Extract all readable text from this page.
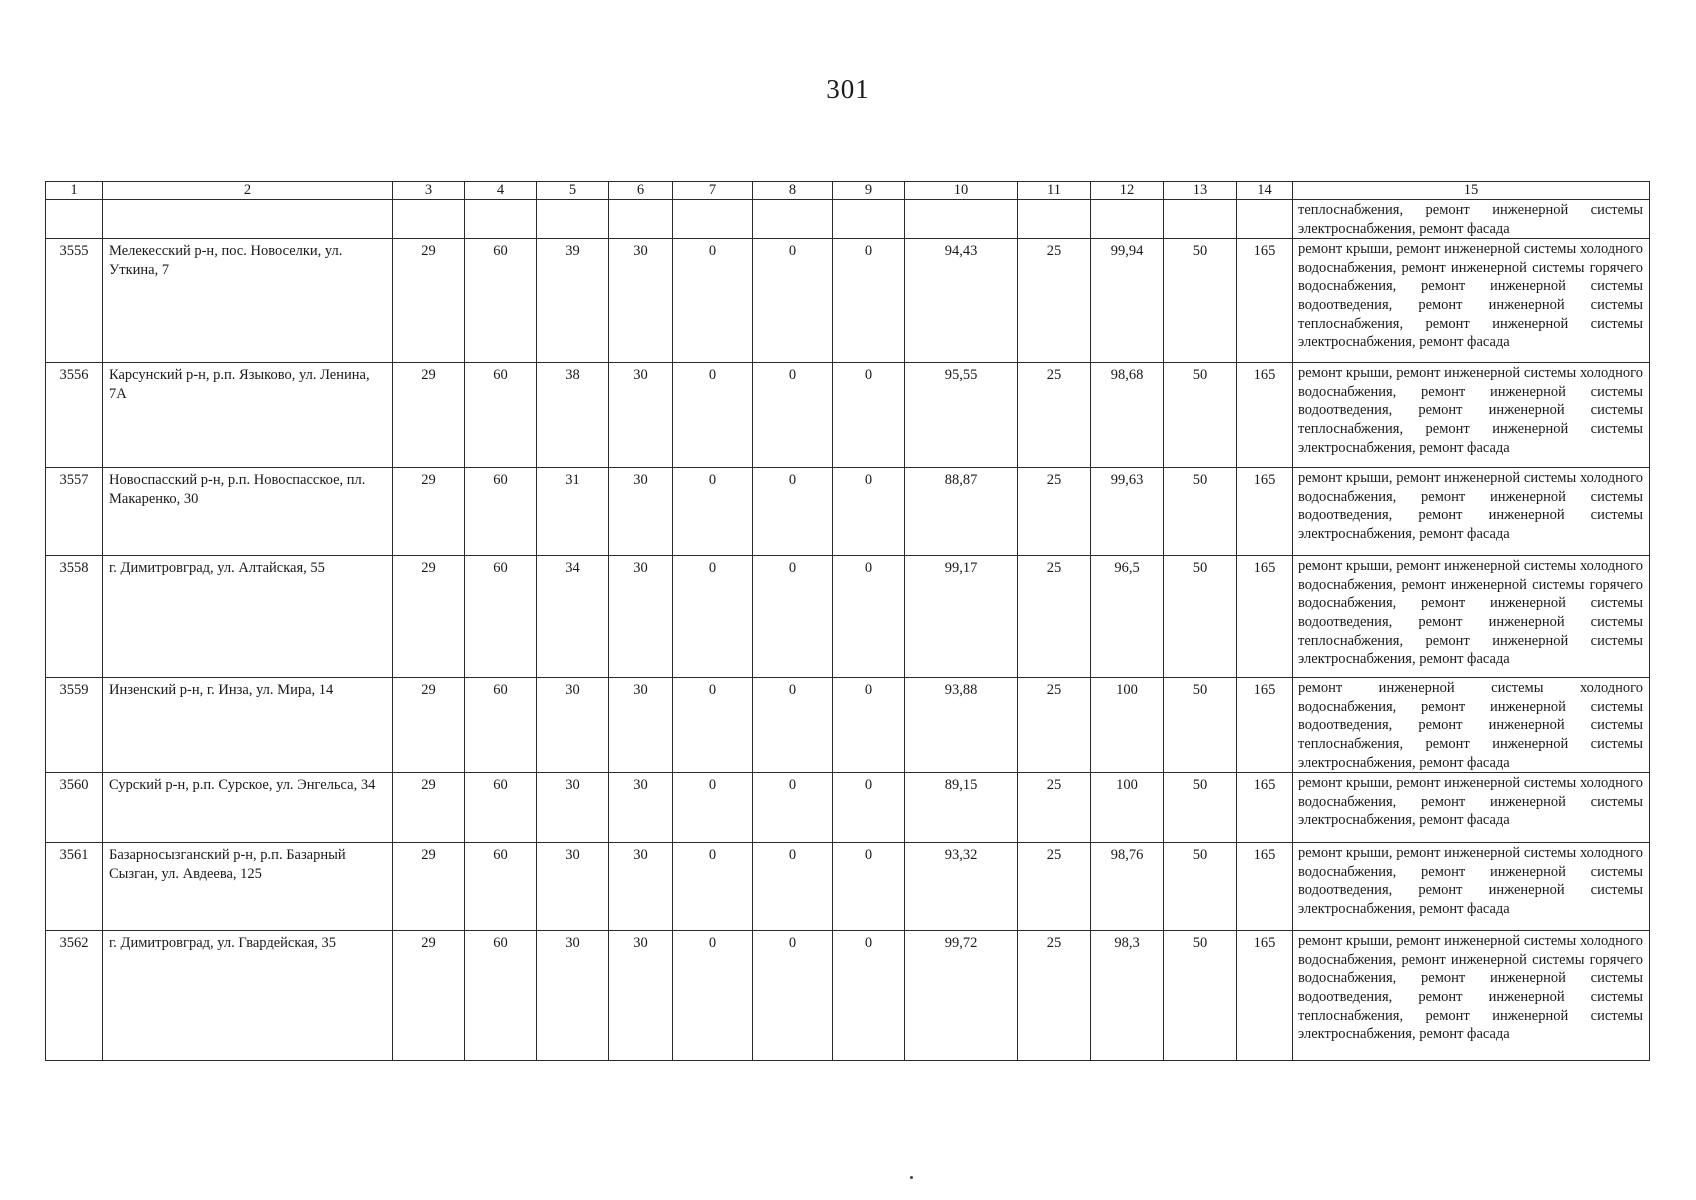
301
1	2	3	4	5	6	7	8	9	10	11	12	13	14	15
														теплоснабжения, ремонт инженерной системы электроснабжения, ремонт фасада
3555	Мелекесский р-н, пос. Новоселки, ул. Уткина, 7	29	60	39	30	0	0	0	94,43	25	99,94	50	165	ремонт крыши, ремонт инженерной системы холодного водоснабжения, ремонт инженерной системы горячего водоснабжения, ремонт инженерной системы водоотведения, ремонт инженерной системы теплоснабжения, ремонт инженерной системы электроснабжения, ремонт фасада
3556	Карсунский р-н, р.п. Языково, ул. Ленина, 7А	29	60	38	30	0	0	0	95,55	25	98,68	50	165	ремонт крыши, ремонт инженерной системы холодного водоснабжения, ремонт инженерной системы водоотведения, ремонт инженерной системы теплоснабжения, ремонт инженерной системы электроснабжения, ремонт фасада
3557	Новоспасский р-н, р.п. Новоспасское, пл. Макаренко, 30	29	60	31	30	0	0	0	88,87	25	99,63	50	165	ремонт крыши, ремонт инженерной системы холодного водоснабжения, ремонт инженерной системы водоотведения, ремонт инженерной системы электроснабжения, ремонт фасада
3558	г. Димитровград, ул. Алтайская, 55	29	60	34	30	0	0	0	99,17	25	96,5	50	165	ремонт крыши, ремонт инженерной системы холодного водоснабжения, ремонт инженерной системы горячего водоснабжения, ремонт инженерной системы водоотведения, ремонт инженерной системы теплоснабжения, ремонт инженерной системы электроснабжения, ремонт фасада
3559	Инзенский р-н, г. Инза, ул. Мира, 14	29	60	30	30	0	0	0	93,88	25	100	50	165	ремонт инженерной системы холодного водоснабжения, ремонт инженерной системы водоотведения, ремонт инженерной системы теплоснабжения, ремонт инженерной системы электроснабжения, ремонт фасада
3560	Сурский р-н, р.п. Сурское, ул. Энгельса, 34	29	60	30	30	0	0	0	89,15	25	100	50	165	ремонт крыши, ремонт инженерной системы холодного водоснабжения, ремонт инженерной системы электроснабжения, ремонт фасада
3561	Базарносызганский р-н, р.п. Базарный Сызган, ул. Авдеева, 125	29	60	30	30	0	0	0	93,32	25	98,76	50	165	ремонт крыши, ремонт инженерной системы холодного водоснабжения, ремонт инженерной системы водоотведения, ремонт инженерной системы электроснабжения, ремонт фасада
3562	г. Димитровград, ул. Гвардейская, 35	29	60	30	30	0	0	0	99,72	25	98,3	50	165	ремонт крыши, ремонт инженерной системы холодного водоснабжения, ремонт инженерной системы горячего водоснабжения, ремонт инженерной системы водоотведения, ремонт инженерной системы теплоснабжения, ремонт инженерной системы электроснабжения, ремонт фасада
